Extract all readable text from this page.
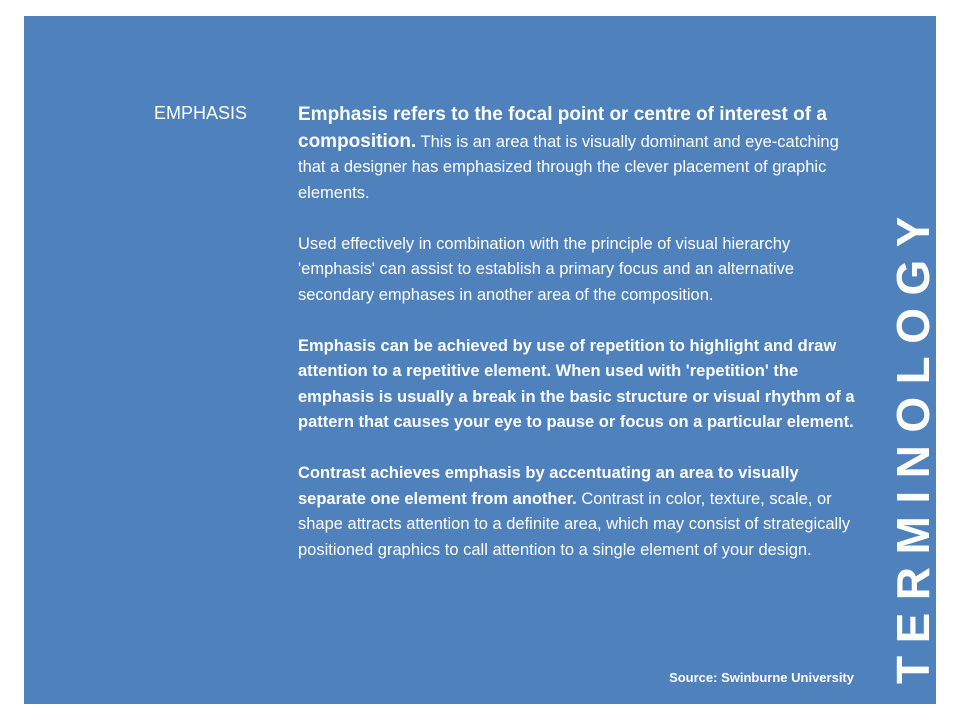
EMPHASIS	Emphasis refers to the focal point or centre of interest of a composition. This is an area that is visually dominant and eye-catching that a designer has emphasized through the clever placement of graphic elements.

Used effectively in combination with the principle of visual hierarchy 'emphasis' can assist to establish a primary focus and an alternative secondary emphases in another area of the composition.

Emphasis can be achieved by use of repetition to highlight and draw attention to a repetitive element. When used with 'repetition' the emphasis is usually a break in the basic structure or visual rhythm of a pattern that causes your eye to pause or focus on a particular element.

Contrast achieves emphasis by accentuating an area to visually separate one element from another. Contrast in color, texture, scale, or shape attracts attention to a definite area, which may consist of strategically positioned graphics to call attention to a single element of your design.

Source: Swinburne University TERMINOLOGY
